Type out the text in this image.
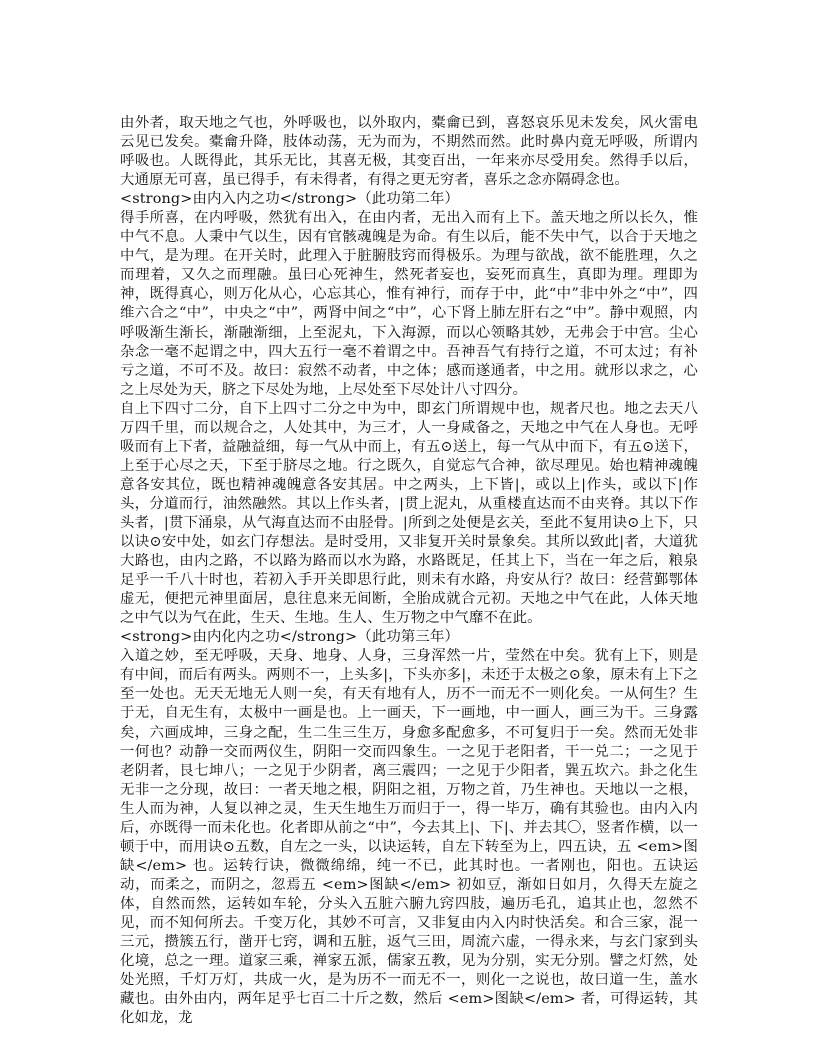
由外者，取天地之气也，外呼吸也，以外取内，橐龠已到，喜怒哀乐见未发矣，风火雷电云见已发矣。橐龠升降，肢体动荡，无为而为，不期然而然。此时鼻内竟无呼吸，所谓内呼吸也。人既得此，其乐无比，其喜无极，其变百出，一年来亦尽受用矣。然得手以后，大通原无可喜，虽已得手，有未得者，有得之更无穷者，喜乐之念亦隔碍念也。

<strong>由内入内之功</strong>（此功第二年）

得手所喜，在内呼吸，然犹有出入，在由内者，无出入而有上下。盖天地之所以长久，惟中气不息。人秉中气以生，因有官骸魂魄是为命。有生以后，能不失中气，以合于天地之中气，是为理。在开关时，此理入于脏腑肢窍而得极乐。为理与欲战，欲不能胜理，久之而理着，又久之而理融。虽曰心死神生，然死者妄也，妄死而真生，真即为理。理即为神，既得真心，则万化从心，心忘其心，惟有神行，而存于中，此“中”非中外之“中”，四维六合之“中”，中央之“中”，两肾中间之“中”，心下肾上肺左肝右之“中”。静中观照，内呼吸渐生渐长，渐融渐细，上至泥丸，下入海源，而以心领略其妙，无弗会于中宫。尘心杂念一毫不起谓之中，四大五行一毫不着谓之中。吾神吾气有持行之道，不可太过；有补亏之道，不可不及。故曰：寂然不动者，中之体；感而遂通者，中之用。就形以求之，心之上尽处为天，脐之下尽处为地，上尽处至下尽处计八寸四分。

自上下四寸二分，自下上四寸二分之中为中，即玄门所谓规中也，规者尺也。地之去天八万四千里，而以规合之，人处其中，为三才，人一身咸备之，天地之中气在人身也。无呼吸而有上下者，益融益细，每一气从中而上，有五⊙送上，每一气从中而下，有五⊙送下，上至于心尽之天，下至于脐尽之地。行之既久，自觉忘气合神，欲尽理见。始也精神魂魄意各安其位，既也精神魂魄意各安其居。中之两头，上下皆|，或以上|作头，或以下|作头，分道而行，油然融然。其以上作头者，|贯上泥丸，从重楼直达而不由夹脊。其以下作头者，|贯下涌泉，从气海直达而不由胫骨。|所到之处便是玄关，至此不复用诀⊙上下，只以诀⊙安中处，如玄门存想法。是时受用，又非复开关时景象矣。其所以致此|者，大道犹大路也，由内之路，不以路为路而以水为路，水路既足，任其上下，当在一年之后，粮泉足乎一千八十时也，若初入手开关即思行此，则未有水路，舟安从行？故曰：经营鄞鄂体虚无，便把元神里面居，息往息来无间断，全胎成就合元初。天地之中气在此，人体天地之中气以为气在此，生天、生地。生人、生万物之中气靡不在此。

<strong>由内化内之功</strong>（此功第三年）

入道之妙，至无呼吸，天身、地身、人身，三身浑然一片，莹然在中矣。犹有上下，则是有中间，而后有两头。两则不一，上头多|，下头亦多|，未还于太极之⊙象，原未有上下之至一处也。无天无地无人则一矣，有天有地有人，历不一而无不一则化矣。一从何生？生于无，自无生有，太极中一画是也。上一画天，下一画地，中一画人，画三为干。三身露矣，六画成坤，三身之配，生二生三生万，身愈多配愈多，不可复归于一矣。然而无处非一何也？动静一交而两仪生，阴阳一交而四象生。一之见于老阳者，干一兑二；一之见于老阴者，艮七坤八；一之见于少阴者，离三震四；一之见于少阳者，巽五坎六。卦之化生无非一之分现，故曰：一者天地之根，阴阳之祖，万物之首，乃生神也。天地以一之根，生人而为神，人复以神之灵，生天生地生万而归于一，得一毕万，确有其验也。由内入内后，亦既得一而未化也。化者即从前之“中”，今去其上|、下|、并去其〇，竖者作横，以一顿于中，而用诀⊙五数，自左之一头，以诀运转，自左下转至为上，四五诀，五 <em>图缺</em> 也。运转行诀，微微绵绵，纯一不已，此其时也。一者刚也，阳也。五诀运动，而柔之，而阴之，忽焉五 <em>图缺</em> 初如豆，渐如日如月，久得天左旋之体，自然而然，运转如车轮，分头入五脏六腑九窍四肢，遍历毛孔，追其止也，忽然不见，而不知何所去。千变万化，其妙不可言，又非复由内入内时快活矣。和合三家，混一三元，攒簇五行，凿开七窍，调和五脏，返气三田，周流六虚，一得永来，与玄门家到头化境，总之一理。道家三乘，禅家五派，儒家五教，见为分别，实无分别。譬之灯然，处处光照，千灯万灯，共成一火，是为历不一而无不一，则化一之说也，故曰道一生，盖水藏也。由外由内，两年足乎七百二十斤之数，然后 <em>图缺</em> 者，可得运转，其化如龙，龙
